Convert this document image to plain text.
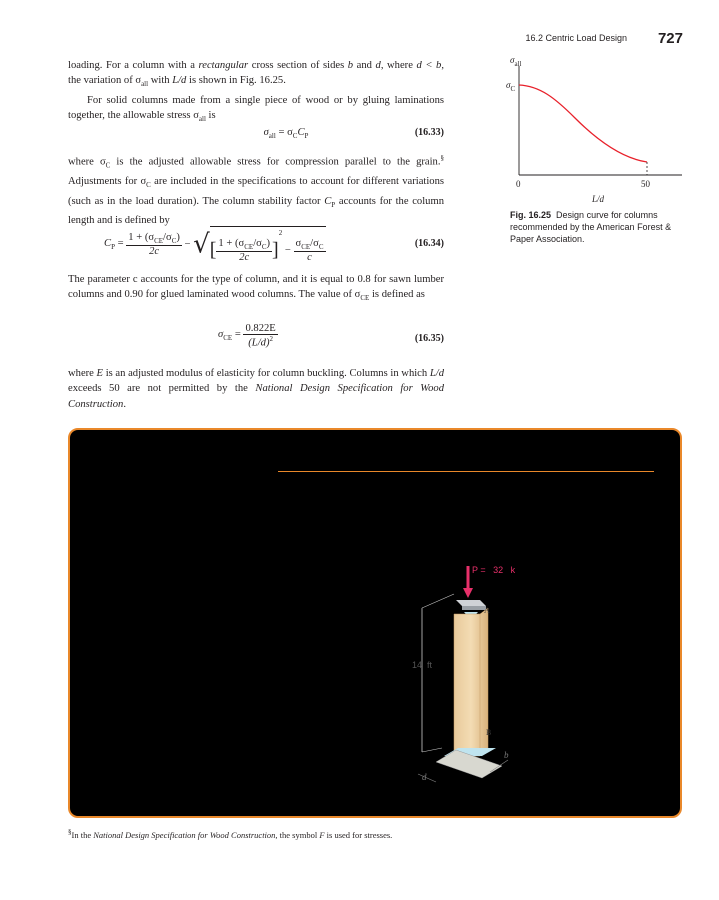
16.2 Centric Load Design 727
loading. For a column with a rectangular cross section of sides b and d, where d < b, the variation of $\sigma_{all}$ with L/d is shown in Fig. 16.25.
For solid columns made from a single piece of wood or by gluing laminations together, the allowable stress $\sigma_{all}$ is
$\sigma_{all} = \sigma_CC_P$	(16.33)
where $\sigma_C$ is the adjusted allowable stress for compression parallel to the grain.§ Adjustments for $\sigma_C$ are included in the specifications to account for different variations (such as in the load duration). The column stability factor $C_P$ accounts for the column length and is defined by
$C_P = \frac{1 + (\sigma_{CE}/\sigma_C)}{2c}$ − √[ $\frac{1 + (\sigma_{CE}/\sigma_C)}{2c} ]^2 - \frac{\sigma_{CE}/\sigma_C}{c}$	(16.34)
The parameter c accounts for the type of column, and it is equal to 0.8 for sawn lumber columns and 0.90 for glued laminated wood columns. The value of $\sigma_{CE}$ is defined as
$\sigma_{CE} = \frac{0.822E}{(L/d)^2}$	(16.35)
where E is an adjusted modulus of elasticity for column buckling. Columns in which L/d exceeds 50 are not permitted by the National Design Specification for Wood Construction.
$\sigma_{all}$
$\sigma_C$
0	50
L/d
Fig. 16.25 Design curve for columns recommended by the American Forest & Paper Association.
P =   32 k
14 ft
A
B
d
b
§In the National Design Specification for Wood Construction, the symbol F is used for stresses.
